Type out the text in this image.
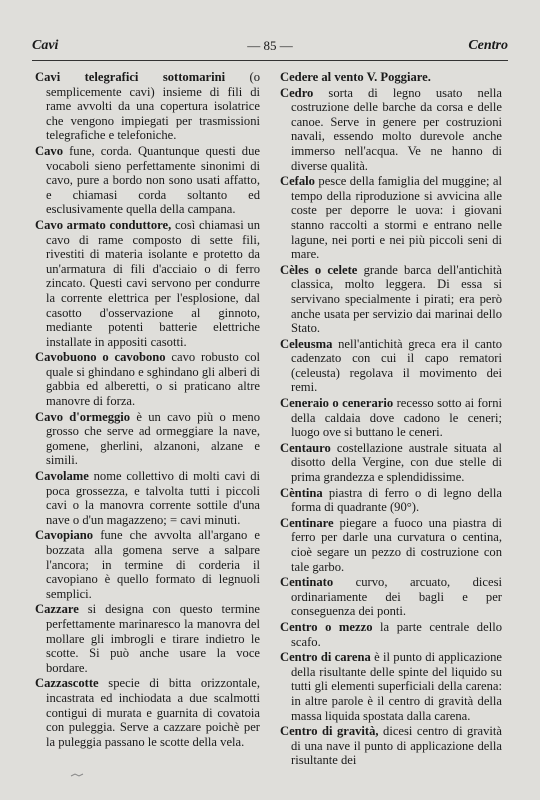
Cavi	— 85 —	Centro

Cavi telegrafici sottomarini (o semplicemente cavi) insieme di fili di rame avvolti da una copertura isolatrice che vengono impiegati per trasmissioni telegrafiche e telefoniche.

Cavo fune, corda. Quantunque questi due vocaboli sieno perfettamente sinonimi di cavo, pure a bordo non sono usati affatto, e chiamasi corda soltanto ed esclusivamente quella della campana.

Cavo armato conduttore, così chiamasi un cavo di rame composto di sette fili, rivestiti di materia isolante e protetto da un'armatura di fili d'acciaio o di ferro zincato. Questi cavi servono per condurre la corrente elettrica per l'esplosione, dal casotto d'osservazione al ginnoto, mediante potenti batterie elettriche installate in appositi casotti.

Cavobuono o cavobono cavo robusto col quale si ghindano e sghindano gli alberi di gabbia ed alberetti, o si praticano altre manovre di forza.

Cavo d'ormeggio è un cavo più o meno grosso che serve ad ormeggiare la nave, gomene, gherlini, alzanoni, alzane e simili.

Cavolame nome collettivo di molti cavi di poca grossezza, e talvolta tutti i piccoli cavi o la manovra corrente sottile d'una nave o d'un magazzeno; = cavi minuti.

Cavopiano fune che avvolta all'argano e bozzata alla gomena serve a salpare l'ancora; in termine di corderia il cavopiano è quello formato di legnuoli semplici.

Cazzare si designa con questo termine perfettamente marinaresco la manovra del mollare gli imbrogli e tirare indietro le scotte. Si può anche usare la voce bordare.

Cazzascotte specie di bitta orizzontale, incastrata ed inchiodata a due scalmotti contigui di murata e guarnita di covatoia con puleggia. Serve a cazzare poichè per la puleggia passano le scotte della vela.

Cedere al vento V. Poggiare.

Cedro sorta di legno usato nella costruzione delle barche da corsa e delle canoe. Serve in genere per costruzioni navali, essendo molto durevole anche immerso nell'acqua. Ve ne hanno di diverse qualità.

Cefalo pesce della famiglia del muggine; al tempo della riproduzione si avvicina alle coste per deporre le uova: i giovani stanno raccolti a stormi e entrano nelle lagune, nei porti e nei più piccoli seni di mare.

Cèles o celete grande barca dell'antichità classica, molto leggera. Di essa si servivano specialmente i pirati; era però anche usata per servizio dai marinai dello Stato.

Celeusma nell'antichità greca era il canto cadenzato con cui il capo rematori (celeusta) regolava il movimento dei remi.

Ceneraio o cenerario recesso sotto ai forni della caldaia dove cadono le ceneri; luogo ove si buttano le ceneri.

Centauro costellazione australe situata al disotto della Vergine, con due stelle di prima grandezza e splendidissime.

Cèntina piastra di ferro o di legno della forma di quadrante (90°).

Centinare piegare a fuoco una piastra di ferro per darle una curvatura o centina, cioè segare un pezzo di costruzione con tale garbo.

Centinato curvo, arcuato, dicesi ordinariamente dei bagli e per conseguenza dei ponti.

Centro o mezzo la parte centrale dello scafo.

Centro di carena è il punto di applicazione della risultante delle spinte del liquido su tutti gli elementi superficiali della carena: in altre parole è il centro di gravità della massa liquida spostata dalla carena.

Centro di gravità, dicesi centro di gravità di una nave il punto di applicazione della risultante dei
